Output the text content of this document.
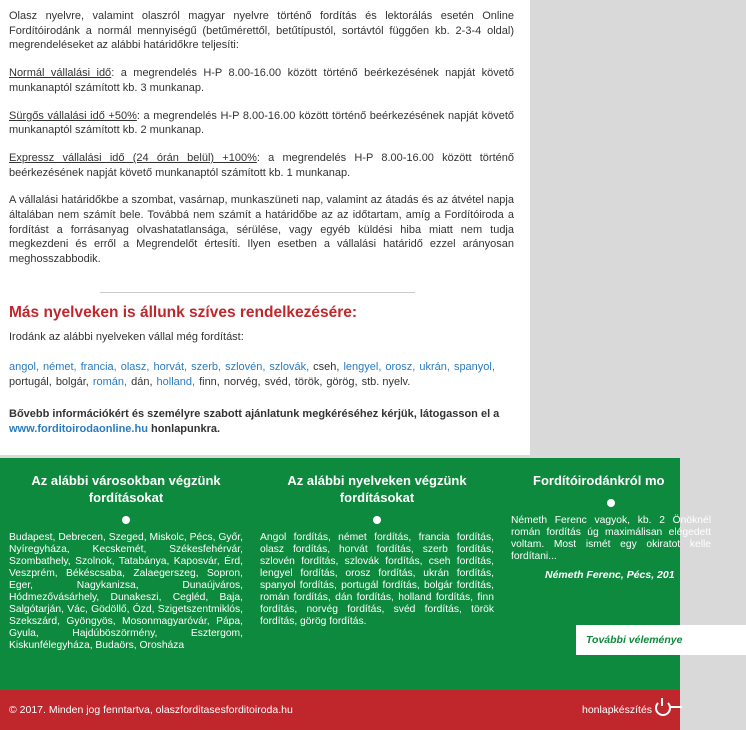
Olasz nyelvre, valamint olaszról magyar nyelvre történő fordítás és lektorálás esetén Online Fordítóirodánk a normál mennyiségű (betűmérettől, betűtípustól, sortávtól függően kb. 2-3-4 oldal) megrendeléseket az alábbi határidőkre teljesíti:

Normál vállalási idő: a megrendelés H-P 8.00-16.00 között történő beérkezésének napját követő munkanaptól számított kb. 3 munkanap.

Sürgős vállalási idő +50%: a megrendelés H-P 8.00-16.00 között történő beérkezésének napját követő munkanaptól számított kb. 2 munkanap.

Expressz vállalási idő (24 órán belül) +100%: a megrendelés H-P 8.00-16.00 között történő beérkezésének napját követő munkanaptól számított kb. 1 munkanap.

A vállalási határidőkbe a szombat, vasárnap, munkaszüneti nap, valamint az átadás és az átvétel napja általában nem számít bele. Továbbá nem számít a határidőbe az az időtartam, amíg a Fordítóiroda a fordítást a forrásanyag olvashatatlansága, sérülése, vagy egyéb küldési hiba miatt nem tudja megkezdeni és erről a Megrendelőt értesíti. Ilyen esetben a vállalási határidő ezzel arányosan meghosszabbodik.

Más nyelveken is állunk szíves rendelkezésére:
Irodánk az alábbi nyelveken vállal még fordítást:
angol, német, francia, olasz, horvát, szerb, szlovén, szlovák, cseh, lengyel, orosz, ukrán, spanyol,
portugál, bolgár, román, dán, holland, finn, norvég, svéd, török, görög, stb. nyelv.
Bővebb információkért és személyre szabott ajánlatunk megkéréséhez kérjük, látogasson el a
www.forditoirodaonline.hu honlapunkra.
Az alábbi városokban végzünk fordításokat
Budapest, Debrecen, Szeged, Miskolc, Pécs, Győr, Nyíregyháza, Kecskemét, Székesfehérvár, Szombathely, Szolnok, Tatabánya, Kaposvár, Érd, Veszprém, Békéscsaba, Zalaegerszeg, Sopron, Eger, Nagykanizsa, Dunaújváros, Hódmezővásárhely, Dunakeszi, Cegléd, Baja, Salgótarján, Vác, Gödöllő, Ózd, Szigetszentmiklós, Szekszárd, Gyöngyös, Mosonmagyaróvár, Pápa, Gyula, Hajdúböszörmény, Esztergom, Kiskunfélegyháza, Budaörs, Orosháza
Az alábbi nyelveken végzünk fordításokat
Angol fordítás, német fordítás, francia fordítás, olasz fordítás, horvát fordítás, szerb fordítás, szlovén fordítás, szlovák fordítás, cseh fordítás, lengyel fordítás, orosz fordítás, ukrán fordítás, spanyol fordítás, portugál fordítás, bolgár fordítás, román fordítás, dán fordítás, holland fordítás, finn fordítás, norvég fordítás, svéd fordítás, török fordítás, görög fordítás.
Fordítóirodánkról mo
Németh Ferenc vagyok, kb. 2 Önöknél román fordítás úg maximálisan elégedett voltam. Most ismét egy okiratot kelle fordítani...
Németh Ferenc, Pécs, 201
További véleménye
© 2017. Minden jog fenntartva, olaszforditasesforditoiroda.hu	honlapkészítés
